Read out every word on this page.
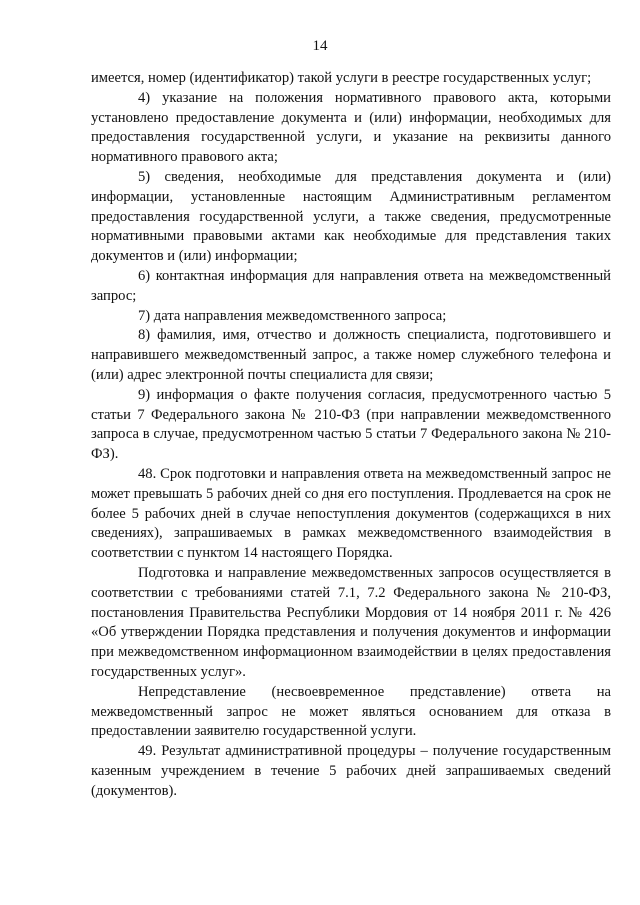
14

имеется, номер (идентификатор) такой услуги в реестре государственных услуг;

4) указание на положения нормативного правового акта, которыми установлено предоставление документа и (или) информации, необходимых для предоставления государственной услуги, и указание на реквизиты данного нормативного правового акта;

5) сведения, необходимые для представления документа и (или) информации, установленные настоящим Административным регламентом предоставления государственной услуги, а также сведения, предусмотренные нормативными правовыми актами как необходимые для представления таких документов и (или) информации;

6) контактная информация для направления ответа на межведомственный запрос;

7) дата направления межведомственного запроса;

8) фамилия, имя, отчество и должность специалиста, подготовившего и направившего межведомственный запрос, а также номер служебного телефона и (или) адрес электронной почты специалиста для связи;

9) информация о факте получения согласия, предусмотренного частью 5 статьи 7 Федерального закона № 210-ФЗ (при направлении межведомственного запроса в случае, предусмотренном частью 5 статьи 7 Федерального закона № 210-ФЗ).

48. Срок подготовки и направления ответа на межведомственный запрос не может превышать 5 рабочих дней со дня его поступления. Продлевается на срок не более 5 рабочих дней в случае непоступления документов (содержащихся в них сведениях), запрашиваемых в рамках межведомственного взаимодействия в соответствии с пунктом 14 настоящего Порядка.

Подготовка и направление межведомственных запросов осуществляется в соответствии с требованиями статей 7.1, 7.2 Федерального закона № 210-ФЗ, постановления Правительства Республики Мордовия от 14 ноября 2011 г. № 426 «Об утверждении Порядка представления и получения документов и информации при межведомственном информационном взаимодействии в целях предоставления государственных услуг».

Непредставление (несвоевременное представление) ответа на межведомственный запрос не может являться основанием для отказа в предоставлении заявителю государственной услуги.

49. Результат административной процедуры – получение государственным казенным учреждением в течение 5 рабочих дней запрашиваемых сведений (документов).
